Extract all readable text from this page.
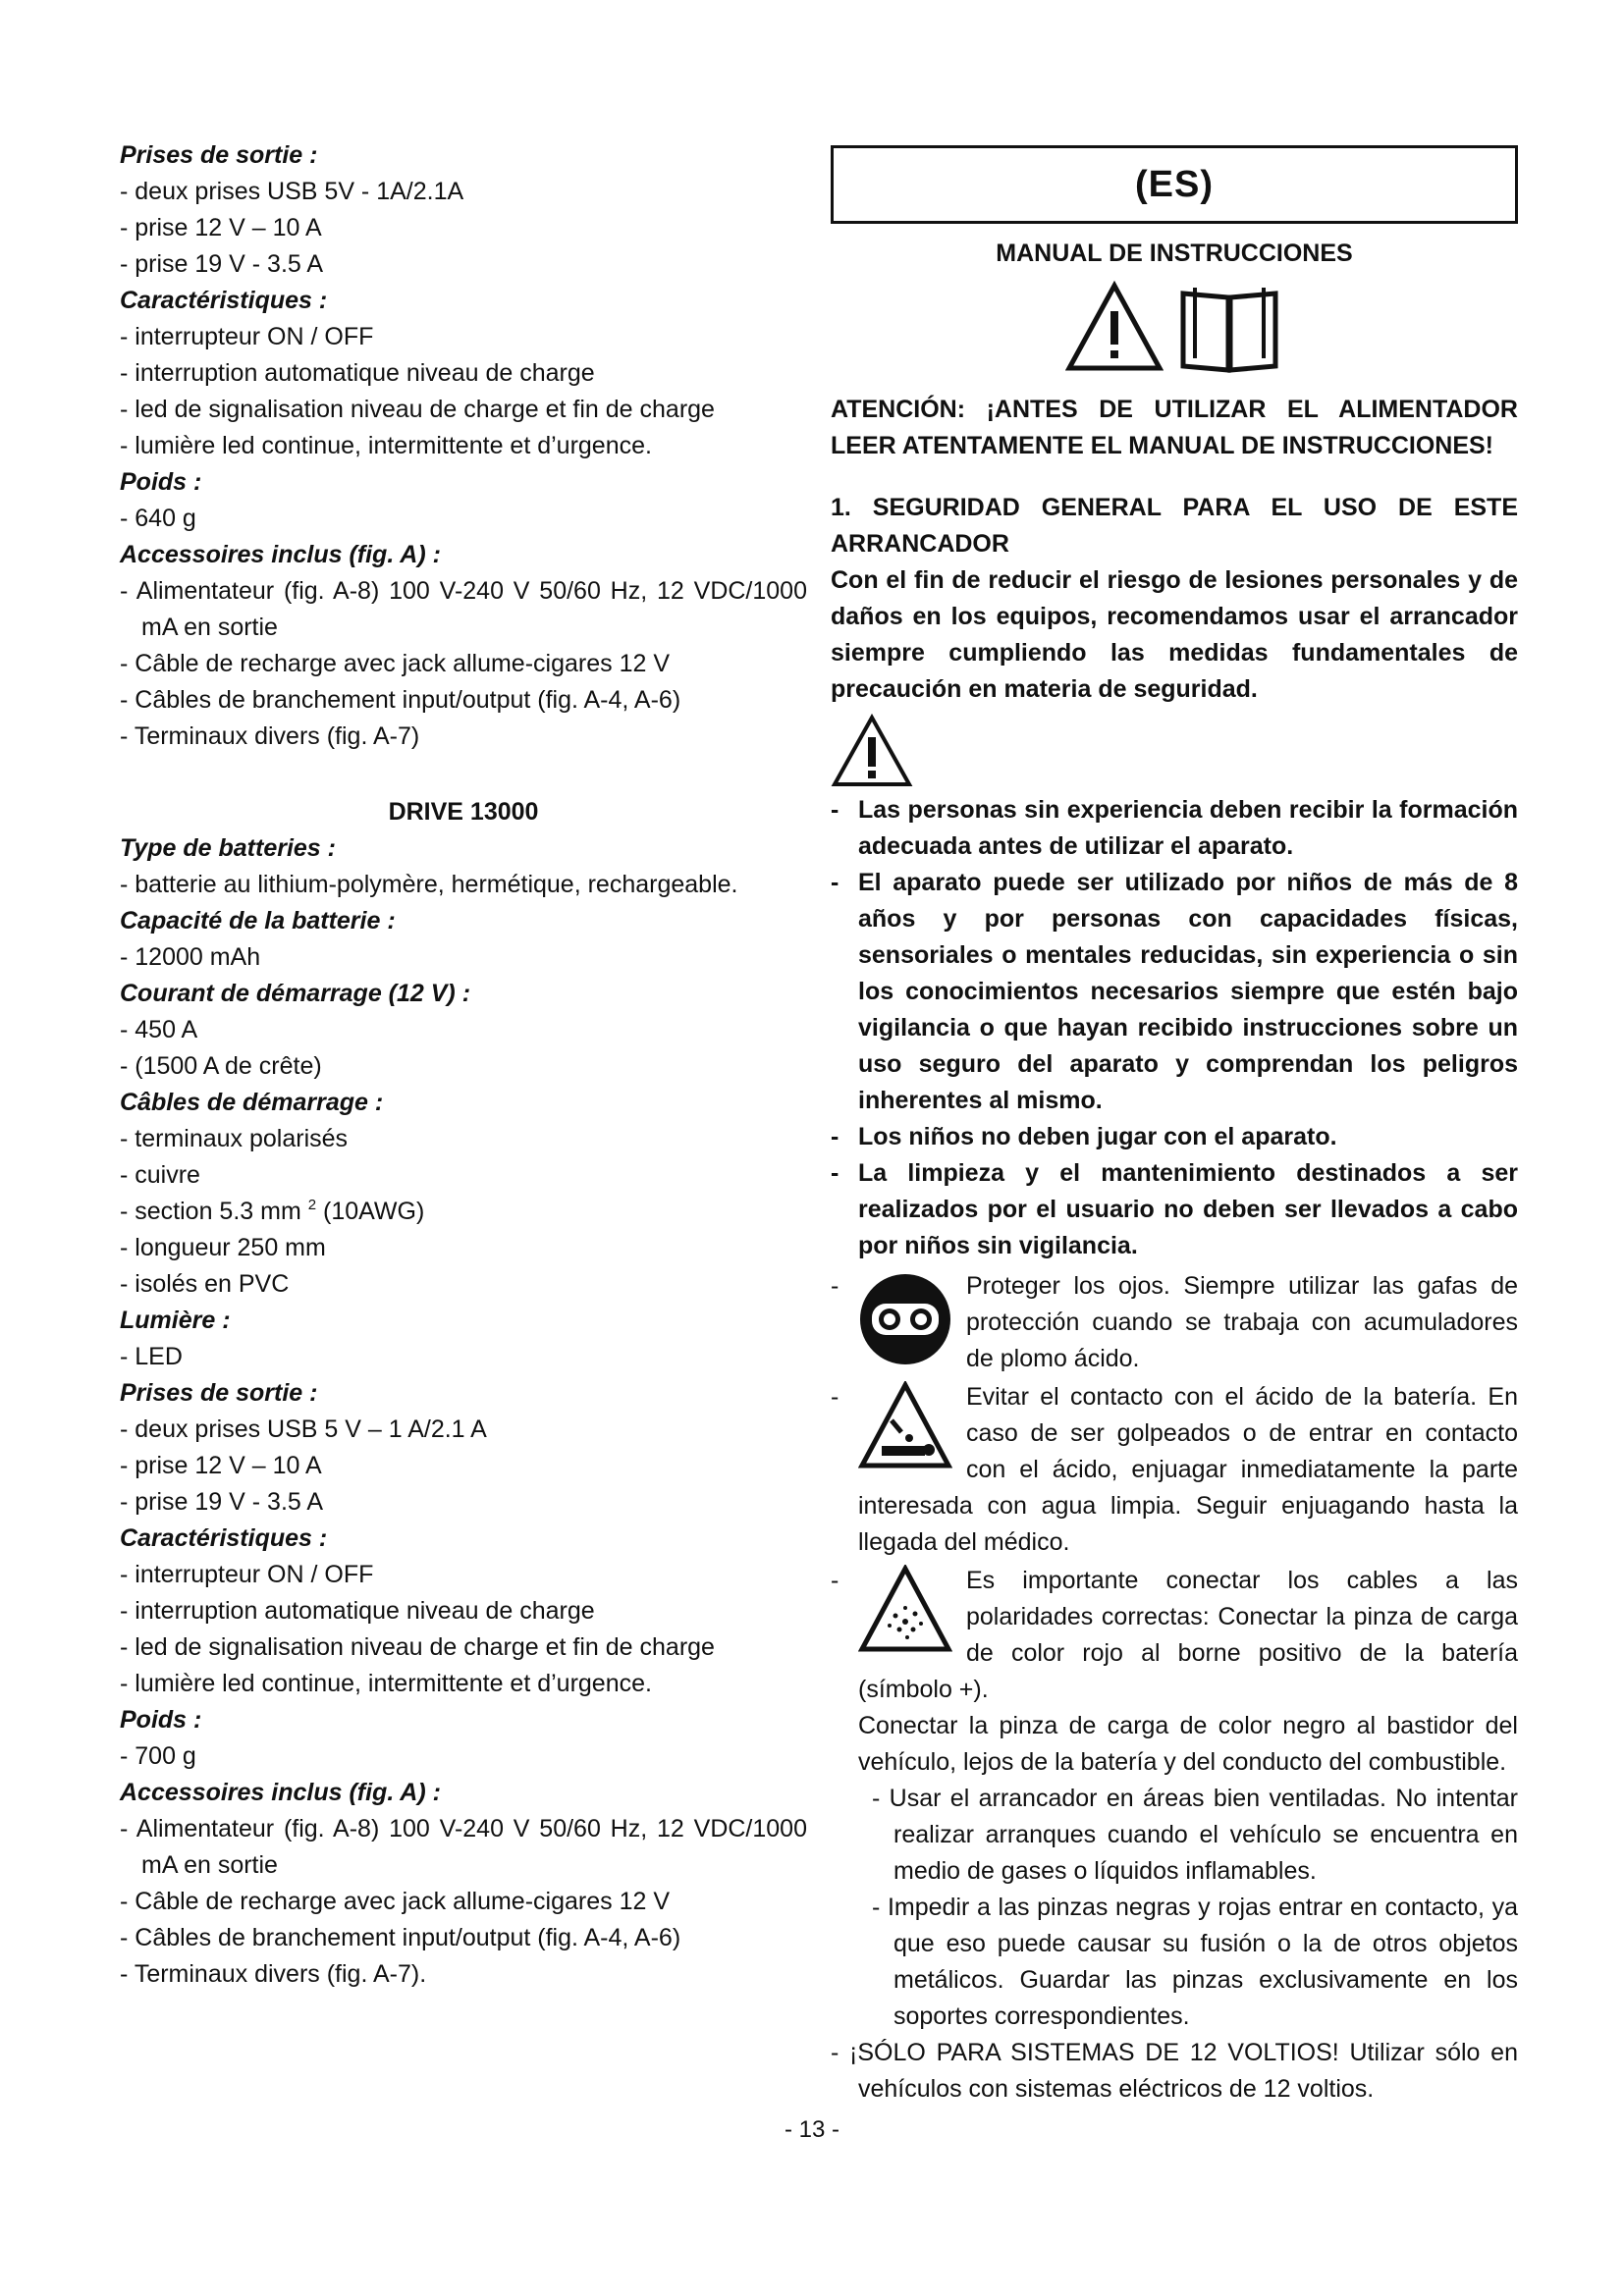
Prises de sortie :
- deux prises USB 5V - 1A/2.1A
- prise 12 V – 10 A
- prise 19 V - 3.5 A
Caractéristiques :
- interrupteur ON / OFF
- interruption automatique niveau de charge
- led de signalisation niveau de charge et fin de charge
- lumière led continue, intermittente et d’urgence.
Poids :
- 640 g
Accessoires inclus (fig. A) :
- Alimentateur (fig. A-8) 100 V-240 V 50/60 Hz, 12 VDC/1000 mA en sortie
- Câble de recharge avec jack allume-cigares 12 V
- Câbles de branchement input/output (fig. A-4, A-6)
- Terminaux divers (fig. A-7)
DRIVE 13000
Type de batteries :
- batterie au lithium-polymère, hermétique, rechargeable.
Capacité de la batterie :
- 12000 mAh
Courant de démarrage (12 V) :
- 450 A
- (1500 A de crête)
Câbles de démarrage :
- terminaux polarisés
- cuivre
- section 5.3 mm $^2$ (10AWG)
- longueur 250 mm
- isolés en PVC
Lumière :
- LED
Prises de sortie :
- deux prises USB 5 V – 1 A/2.1 A
- prise 12 V – 10 A
- prise 19 V - 3.5 A
Caractéristiques :
- interrupteur ON / OFF
- interruption automatique niveau de charge
- led de signalisation niveau de charge et fin de charge
- lumière led continue, intermittente et d’urgence.
Poids :
- 700 g
Accessoires inclus (fig. A) :
- Alimentateur (fig. A-8) 100 V-240 V 50/60 Hz, 12 VDC/1000 mA en sortie
- Câble de recharge avec jack allume-cigares 12 V
- Câbles de branchement input/output (fig. A-4, A-6)
- Terminaux divers (fig. A-7).
(ES)
MANUAL DE INSTRUCCIONES
ATENCIÓN: ¡ANTES DE UTILIZAR EL ALIMENTADOR LEER ATENTAMENTE EL MANUAL DE INSTRUCCIONES!
1. SEGURIDAD GENERAL PARA EL USO DE ESTE ARRANCADOR
Con el fin de reducir el riesgo de lesiones personales y de daños en los equipos, recomendamos usar el arrancador siempre cumpliendo las medidas fundamentales de precaución en materia de seguridad.
- Las personas sin experiencia deben recibir la formación adecuada antes de utilizar el aparato.
- El aparato puede ser utilizado por niños de más de 8 años y por personas con capacidades físicas, sensoriales o mentales reducidas, sin experiencia o sin los conocimientos necesarios siempre que estén bajo vigilancia o que hayan recibido instrucciones sobre un uso seguro del aparato y comprendan los peligros inherentes al mismo.
- Los niños no deben jugar con el aparato.
- La limpieza y el mantenimiento destinados a ser realizados por el usuario no deben ser llevados a cabo por niños sin vigilancia.
-	Proteger los ojos. Siempre utilizar las gafas de protección cuando se trabaja con acumuladores de plomo ácido.
-	Evitar el contacto con el ácido de la batería. En caso de ser golpeados o de entrar en contacto con el ácido, enjuagar inmediatamente la parte interesada con agua limpia. Seguir enjuagando hasta la llegada del médico.
-	Es importante conectar los cables a las polaridades correctas: Conectar la pinza de carga de color rojo al borne positivo de la batería (símbolo +).
Conectar la pinza de carga de color negro al bastidor del vehículo, lejos de la batería y del conducto del combustible.
- Usar el arrancador en áreas bien ventiladas. No intentar realizar arranques cuando el vehículo se encuentra en medio de gases o líquidos inflamables.
- Impedir a las pinzas negras y rojas entrar en contacto, ya que eso puede causar su fusión o la de otros objetos metálicos. Guardar las pinzas exclusivamente en los soportes correspondientes.
- ¡SÓLO PARA SISTEMAS DE 12 VOLTIOS! Utilizar sólo en vehículos con sistemas eléctricos de 12 voltios.
- 13 -
